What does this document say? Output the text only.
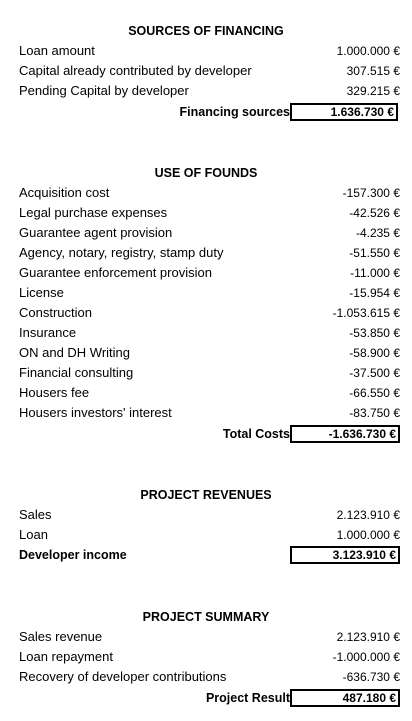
SOURCES OF FINANCING
Loan amount	1.000.000 €
Capital already contributed by developer	307.515 €
Pending Capital by developer	329.215 €
Financing sources	1.636.730 €
USE OF FOUNDS
Acquisition cost	-157.300 €
Legal purchase expenses	-42.526 €
Guarantee agent provision	-4.235 €
Agency, notary, registry, stamp duty	-51.550 €
Guarantee enforcement provision	-11.000 €
License	-15.954 €
Construction	-1.053.615 €
Insurance	-53.850 €
ON and DH Writing	-58.900 €
Financial consulting	-37.500 €
Housers fee	-66.550 €
Housers investors' interest	-83.750 €
Total Costs	-1.636.730 €
PROJECT REVENUES
Sales	2.123.910 €
Loan	1.000.000 €
Developer income	3.123.910 €
PROJECT SUMMARY
Sales revenue	2.123.910 €
Loan repayment	-1.000.000 €
Recovery of developer contributions	-636.730 €
Project Result	487.180 €
